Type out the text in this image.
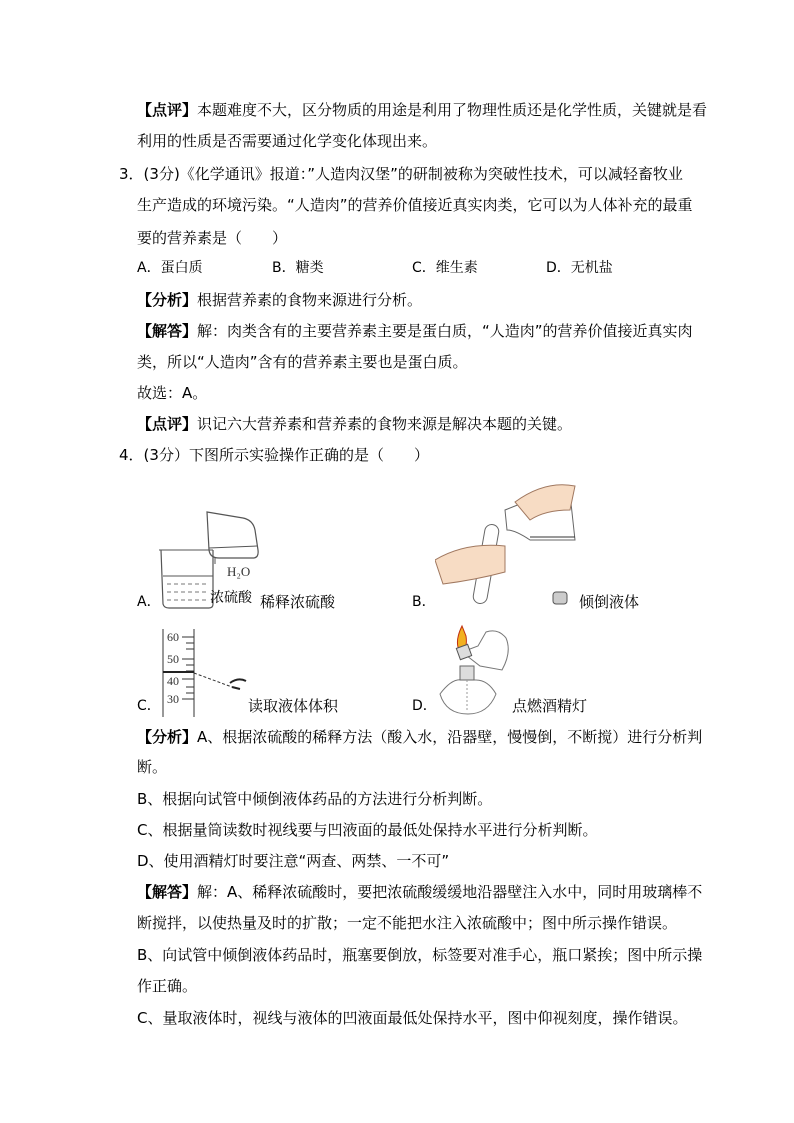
【点评】本题难度不大，区分物质的用途是利用了物理性质还是化学性质，关键就是看
利用的性质是否需要通过化学变化体现出来。
3．(3分)《化学通讯》报道：”人造肉汉堡”的研制被称为突破性技术，可以减轻畜牧业
生产造成的环境污染。“人造肉”的营养价值接近真实肉类，它可以为人体补充的最重
要的营养素是（　　）
A．蛋白质	B．糖类	C．维生素	D．无机盐
【分析】根据营养素的食物来源进行分析。
【解答】解：肉类含有的主要营养素主要是蛋白质，“人造肉”的营养价值接近真实肉
类，所以“人造肉”含有的营养素主要也是蛋白质。
故选：A。
【点评】识记六大营养素和营养素的食物来源是解决本题的关键。
4．(3分）下图所示实验操作正确的是（　　）
A．
H₂O
浓硫酸 稀释浓硫酸	B．	倾倒液体
C．
60
50
40
30	读取液体体积	D．	点燃酒精灯
【分析】A、根据浓硫酸的稀释方法（酸入水，沿器壁，慢慢倒，不断搅）进行分析判
断。
B、根据向试管中倾倒液体药品的方法进行分析判断。
C、根据量筒读数时视线要与凹液面的最低处保持水平进行分析判断。
D、使用酒精灯时要注意“两查、两禁、一不可”
【解答】解：A、稀释浓硫酸时，要把浓硫酸缓缓地沿器壁注入水中，同时用玻璃棒不
断搅拌，以使热量及时的扩散；一定不能把水注入浓硫酸中；图中所示操作错误。
B、向试管中倾倒液体药品时，瓶塞要倒放，标签要对准手心，瓶口紧挨；图中所示操
作正确。
C、量取液体时，视线与液体的凹液面最低处保持水平，图中仰视刻度，操作错误。
